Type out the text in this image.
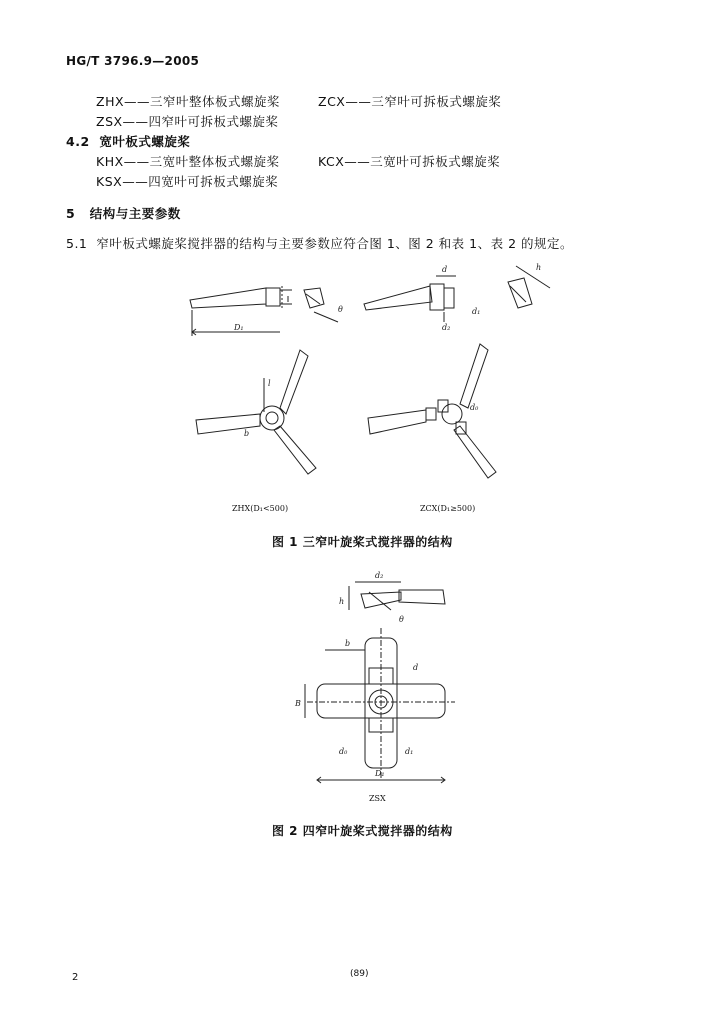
HG/T 3796.9—2005
ZHX——三窄叶整体板式螺旋桨	ZCX——三窄叶可拆板式螺旋桨
ZSX——四窄叶可拆板式螺旋桨
4.2 宽叶板式螺旋桨
KHX——三宽叶整体板式螺旋桨	KCX——三宽叶可拆板式螺旋桨
KSX——四宽叶可拆板式螺旋桨
5 结构与主要参数
5.1 窄叶板式螺旋桨搅拌器的结构与主要参数应符合图 1、图 2 和表 1、表 2 的规定。
θ
D₁
d
d₂
d₁
h
l
b
d₀
ZHX(D₁<500)	ZCX(D₁≥500)
图 1 三窄叶旋桨式搅拌器的结构
d₂
h
θ
b
d
B
d₀	d₁
D₁
ZSX
图 2 四窄叶旋桨式搅拌器的结构
2	(89)
